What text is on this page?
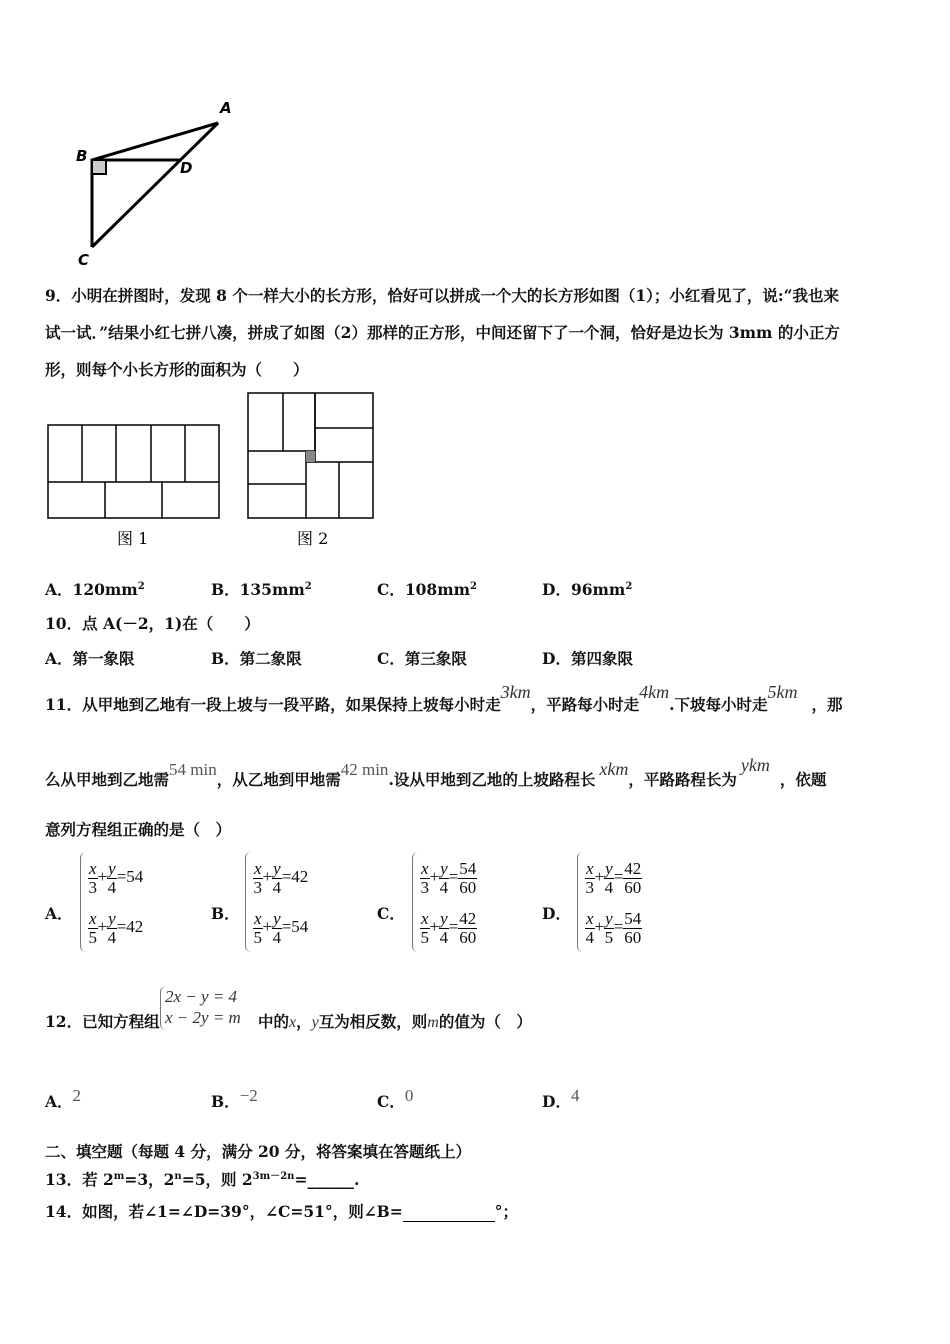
A
B
C
D
9．小明在拼图时，发现 8 个一样大小的长方形，恰好可以拼成一个大的长方形如图（1）；小红看见了，说:“我也来
试一试．”结果小红七拼八凑，拼成了如图（2）那样的正方形，中间还留下了一个洞，恰好是边长为 3mm 的小正方
形，则每个小长方形的面积为（　　）
图 1	图 2
A．$120mm^2$	B．$135mm^2$	C．$108mm^2$	D．$96mm^2$
10．点 A(－2，1)在（　　）
A．第一象限	B．第二象限	C．第三象限	D．第四象限
11．从甲地到乙地有一段上坡与一段平路，如果保持上坡每小时走3km，平路每小时走4km.下坡每小时走5km，那
么从甲地到乙地需54 min，从乙地到甲地需42 min.设从甲地到乙地的上坡路程长xkm，平路路程长为ykm，依题
意列方程组正确的是（　）
A．
$\frac{x}{3} + \frac{y}{4} =54$
$\frac{x}{5} + \frac{y}{4} =42$
B．
$\frac{x}{3} + \frac{y}{4} =42$
$\frac{x}{5} + \frac{y}{4} =54$
C．
$\frac{x}{3} + \frac{y}{4} = \frac{54}{60}$
$\frac{x}{5} + \frac{y}{4} = \frac{42}{60}$	D．
$\frac{x}{3} + \frac{y}{4} = \frac{42}{60}$
$\frac{x}{4} + \frac{y}{5} = \frac{54}{60}$
12．已知方程组
2x − y = 4
x − 2y = m 中的x，y互为相反数，则m的值为（　）
A．2	B．−2	C．0	D．4
二、填空题（每题 4 分，满分 20 分，将答案填在答题纸上）
13．若 $2^m=3$，$2^n=5$，则 $2^{3m-2n}=\_\_\_\_\_\_$.
14．如图，若∠1=∠D=39°，∠C=51°，则∠B=	°；
